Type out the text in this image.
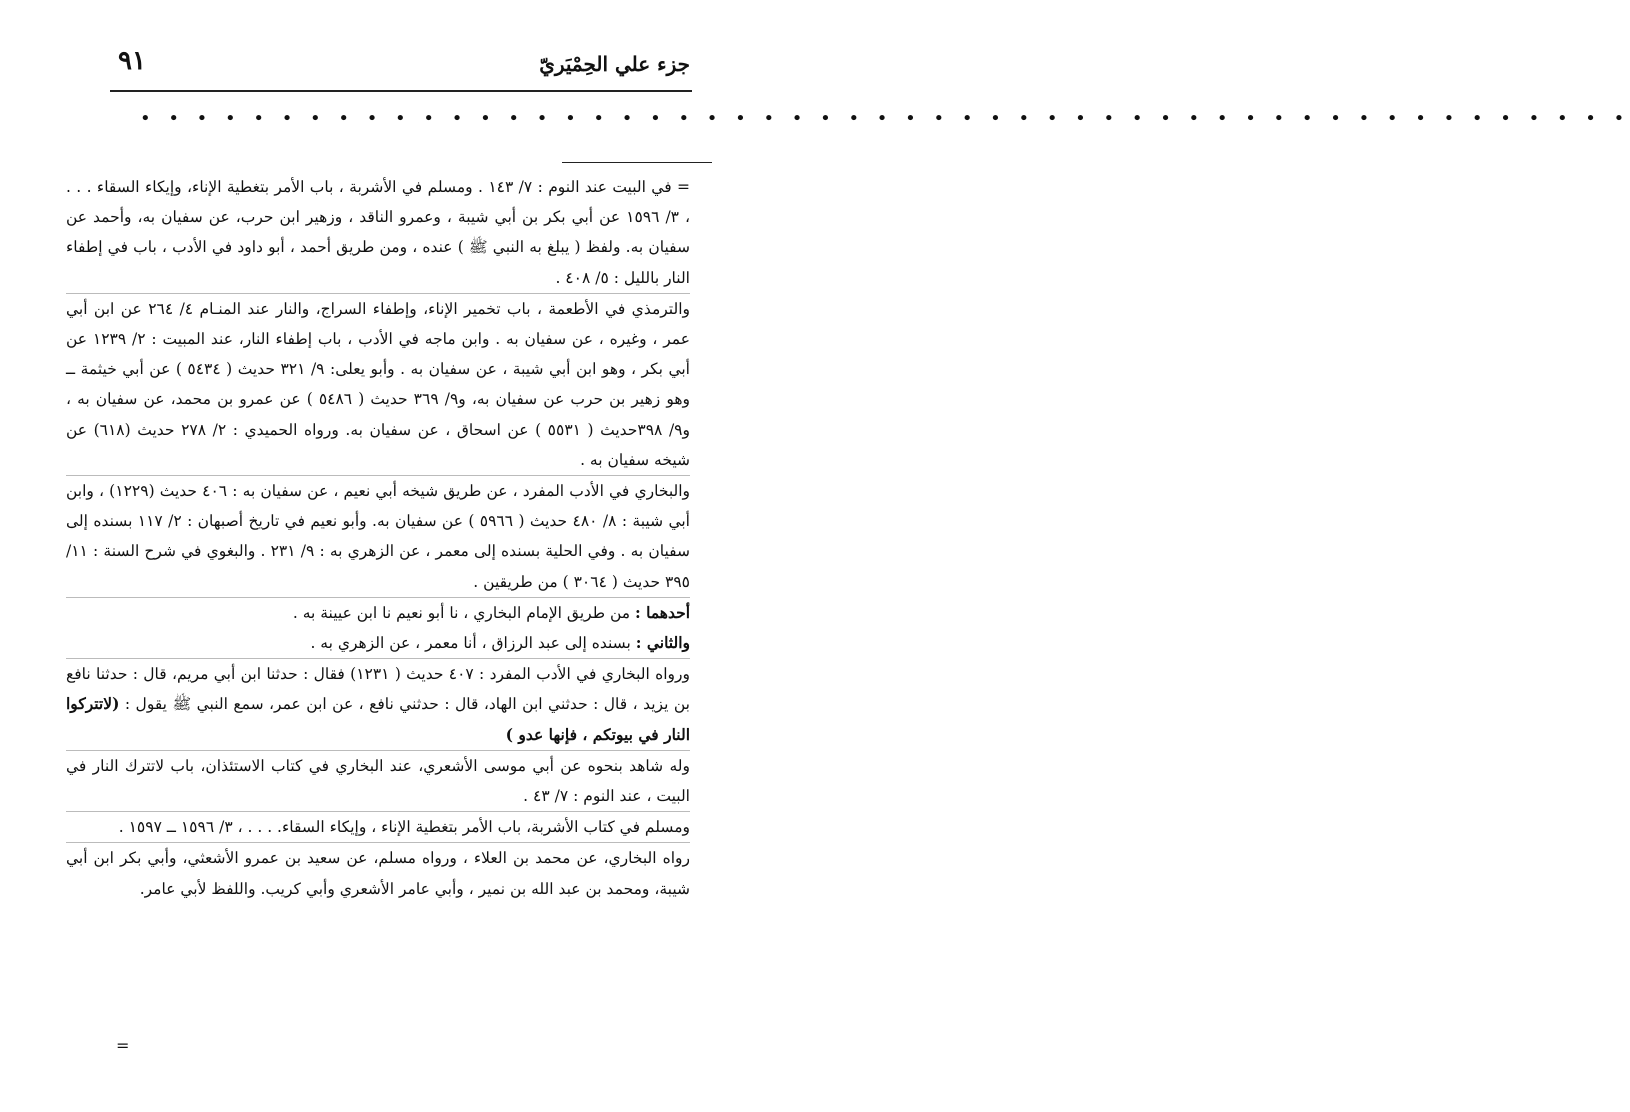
٩١	جزء علي الحِمْيَريّ
• • • • • • • • • • • • • • • • • • • • • • • • • • • • • • • • • • • • • • • • • • • • • • • • • • • • •

= في البيت عند النوم : ٧/ ١٤٣ . ومسلم في الأشربة ، باب الأمر بتغطية الإناء، وإيكاء السقاء . . . ، ٣/ ١٥٩٦ عن أبي بكر بن أبي شيبة ، وعمرو الناقد ، وزهير ابن حرب، عن سفيان به، وأحمد عن سفيان به. ولفظ ( يبلغ به النبي ﷺ ) عنده ، ومن طريق أحمد ، أبو داود في الأدب ، باب في إطفاء النار بالليل : ٥/ ٤٠٨ .

والترمذي في الأطعمة ، باب تخمير الإناء، وإطفاء السراج، والنار عند المنـام ٤/ ٢٦٤ عن ابن أبي عمر ، وغيره ، عن سفيان به . وابن ماجه في الأدب ، باب إطفاء النار، عند المبيت : ٢/ ١٢٣٩ عن أبي بكر ، وهو ابن أبي شيبة ، عن سفيان به . وأبو يعلى: ٩/ ٣٢١ حديث ( ٥٤٣٤ ) عن أبي خيثمة ــ وهو زهير بن حرب عن سفيان به، و٩/ ٣٦٩ حديث ( ٥٤٨٦ ) عن عمرو بن محمد، عن سفيان به ، و٩/ ٣٩٨حديث ( ٥٥٣١ ) عن اسحاق ، عن سفيان به. ورواه الحميدي : ٢/ ٢٧٨ حديث (٦١٨) عن شيخه سفيان به .

والبخاري في الأدب المفرد ، عن طريق شيخه أبي نعيم ، عن سفيان به : ٤٠٦ حديث (١٢٢٩) ، وابن أبي شيبة : ٨/ ٤٨٠ حديث ( ٥٩٦٦ ) عن سفيان به. وأبو نعيم في تاريخ أصبهان : ٢/ ١١٧ بسنده إلى سفيان به . وفي الحلية بسنده إلى معمر ، عن الزهري به : ٩/ ٢٣١ . والبغوي في شرح السنة : ١١/ ٣٩٥ حديث ( ٣٠٦٤ ) من طريقين .

أحدهما : من طريق الإمام البخاري ، نا أبو نعيم نا ابن عيينة به .

والثاني : بسنده إلى عبد الرزاق ، أنا معمر ، عن الزهري به .

ورواه البخاري في الأدب المفرد : ٤٠٧ حديث ( ١٢٣١) فقال : حدثنا ابن أبي مريم، قال : حدثنا نافع بن يزيد ، قال : حدثني ابن الهاد، قال : حدثني نافع ، عن ابن عمر، سمع النبي ﷺ يقول : (لاتتركوا النار في بيوتكم ، فإنها عدو )

وله شاهد بنحوه عن أبي موسى الأشعري، عند البخاري في كتاب الاستئذان، باب لاتترك النار في البيت ، عند النوم : ٧/ ٤٣ .

ومسلم في كتاب الأشربة، باب الأمر بتغطية الإناء ، وإيكاء السقاء. . . . ، ٣/ ١٥٩٦ ــ ١٥٩٧ .

رواه البخاري، عن محمد بن العلاء ، ورواه مسلم، عن سعيد بن عمرو الأشعثي، وأبي بكر ابن أبي شيبة، ومحمد بن عبد الله بن نمير ، وأبي عامر الأشعري وأبي كريب. واللفظ لأبي عامر.

=
